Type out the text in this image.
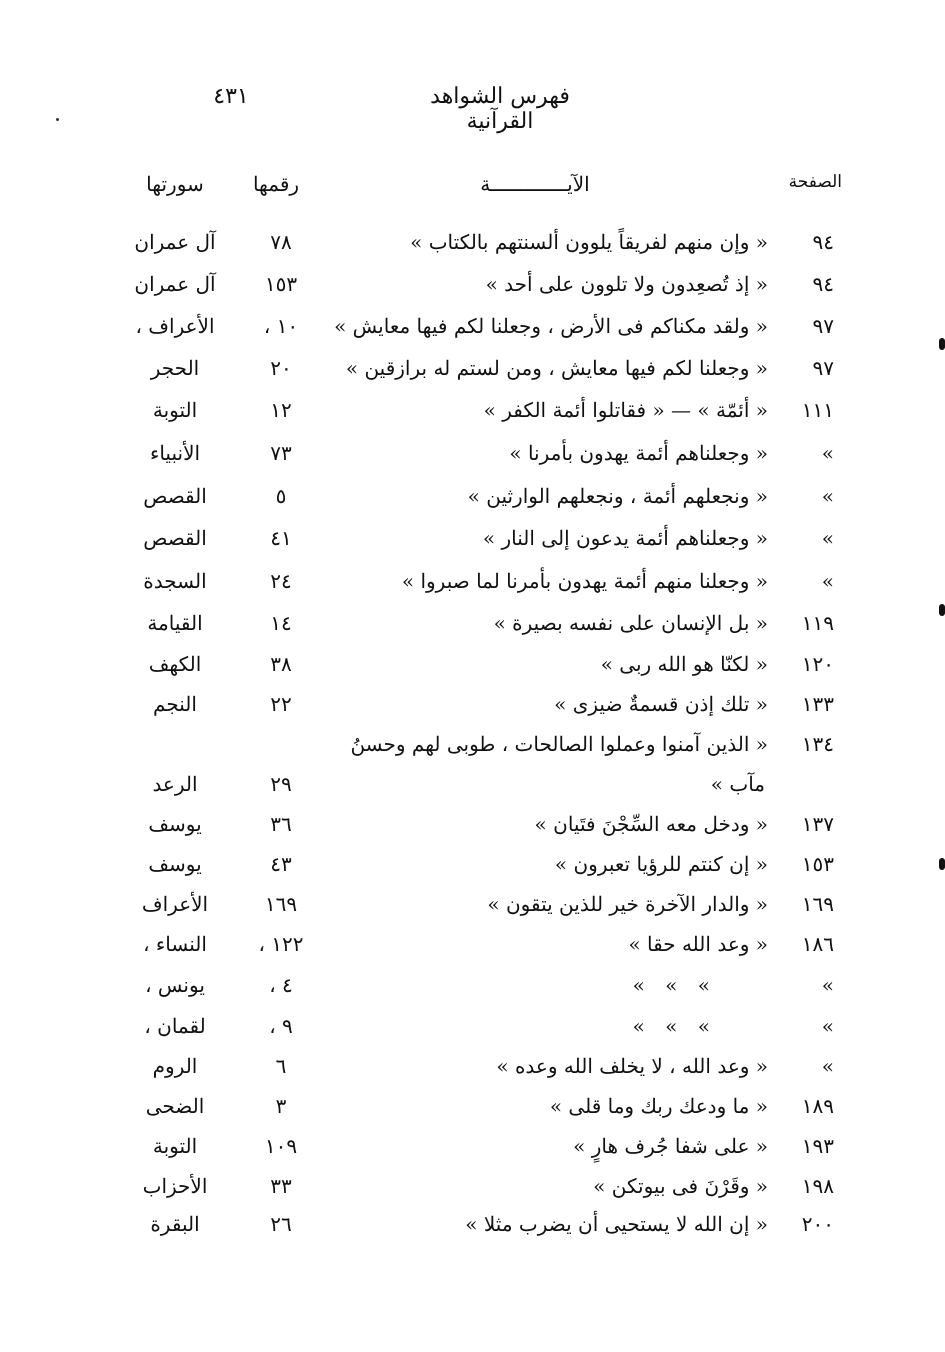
فهرس الشواهد القرآنية
٤٣١
الصفحة
الآيـــــــــــــة
رقمها
سورتها
٩٤
« وإن منهم لفريقاً يلوون ألسنتهم بالكتاب »
٧٨
آل عمران
٩٤
« إذ تُصعِدون ولا تلوون على أحد »
١٥٣
آل عمران
٩٧
« ولقد مكناكم فى الأرض ، وجعلنا لكم فيها معايش »
١٠ ،
الأعراف ،
٩٧
« وجعلنا لكم فيها معايش ، ومن لستم له برازقين »
٢٠
الحجر
١١١
« أئمّة » — « فقاتلوا أئمة الكفر »
١٢
التوبة
»
« وجعلناهم أئمة يهدون بأمرنا »
٧٣
الأنبياء
»
« ونجعلهم أئمة ، ونجعلهم الوارثين »
٥
القصص
»
« وجعلناهم أئمة يدعون إلى النار »
٤١
القصص
»
« وجعلنا منهم أئمة يهدون بأمرنا لما صبروا »
٢٤
السجدة
١١٩
« بل الإنسان على نفسه بصيرة »
١٤
القيامة
١٢٠
« لكنّا هو الله ربى »
٣٨
الكهف
١٣٣
« تلك إذن قسمةٌ ضيزى »
٢٢
النجم
١٣٤
« الذين آمنوا وعملوا الصالحات ، طوبى لهم وحسنُ
مآب »
٢٩
الرعد
١٣٧
« ودخل معه السِّجْنَ فتَيان »
٣٦
يوسف
١٥٣
« إن كنتم للرؤيا تعبرون »
٤٣
يوسف
١٦٩
« والدار الآخرة خير للذين يتقون »
١٦٩
الأعراف
١٨٦
« وعد الله حقا »
١٢٢ ،
النساء ،
»
» » »
٤ ،
يونس ،
»
» » »
٩ ،
لقمان ،
»
« وعد الله ، لا يخلف الله وعده »
٦
الروم
١٨٩
« ما ودعك ربك وما قلى »
٣
الضحى
١٩٣
« على شفا جُرف هارٍ »
١٠٩
التوبة
١٩٨
« وقَرْنَ فى بيوتكن »
٣٣
الأحزاب
٢٠٠
« إن الله لا يستحيى أن يضرب مثلا »
٢٦
البقرة
